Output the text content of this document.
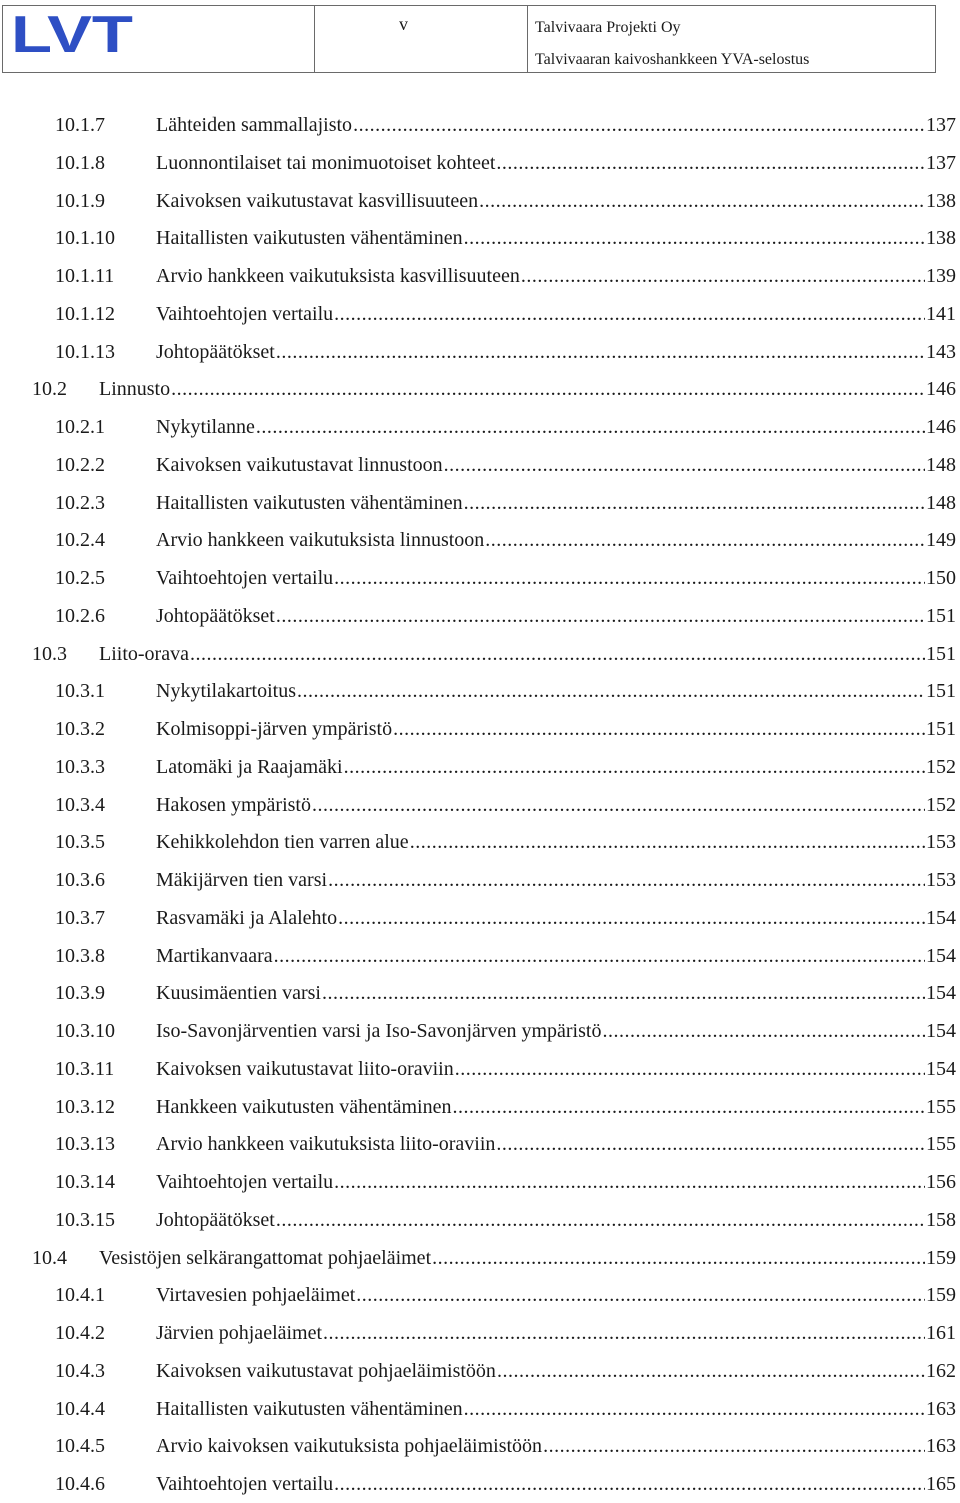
LVT	v	Talvivaara Projekti Oy
Talvivaaran kaivoshankkeen YVA-selostus
10.1.7	Lähteiden sammallajisto .....	137
10.1.8	Luonnontilaiset tai monimuotoiset kohteet .....	137
10.1.9	Kaivoksen vaikutustavat kasvillisuuteen .....	138
10.1.10 Haitallisten vaikutusten vähentäminen .....	138
10.1.11 Arvio hankkeen vaikutuksista kasvillisuuteen .....	139
10.1.12 Vaihtoehtojen vertailu .....	141
10.1.13 Johtopäätökset .....	143
10.2 Linnusto .....	146
10.2.1	Nykytilanne .....	146
10.2.2	Kaivoksen vaikutustavat linnustoon .....	148
10.2.3	Haitallisten vaikutusten vähentäminen .....	148
10.2.4	Arvio hankkeen vaikutuksista linnustoon .....	149
10.2.5	Vaihtoehtojen vertailu .....	150
10.2.6	Johtopäätökset .....	151
10.3 Liito-orava .....	151
10.3.1	Nykytilakartoitus .....	151
10.3.2	Kolmisoppi-järven ympäristö .....	151
10.3.3	Latomäki ja Raajamäki .....	152
10.3.4	Hakosen ympäristö .....	152
10.3.5	Kehikkolehdon tien varren alue .....	153
10.3.6	Mäkijärven tien varsi .....	153
10.3.7	Rasvamäki ja Alalehto .....	154
10.3.8	Martikanvaara .....	154
10.3.9	Kuusimäentien varsi .....	154
10.3.10 Iso-Savonjärventien varsi ja Iso-Savonjärven ympäristö .....	154
10.3.11 Kaivoksen vaikutustavat liito-oraviin .....	154
10.3.12 Hankkeen vaikutusten vähentäminen .....	155
10.3.13 Arvio hankkeen vaikutuksista liito-oraviin .....	155
10.3.14 Vaihtoehtojen vertailu .....	156
10.3.15 Johtopäätökset .....	158
10.4 Vesistöjen selkärangattomat pohjaeläimet .....	159
10.4.1	Virtavesien pohjaeläimet .....	159
10.4.2	Järvien pohjaeläimet .....	161
10.4.3	Kaivoksen vaikutustavat pohjaeläimistöön .....	162
10.4.4	Haitallisten vaikutusten vähentäminen .....	163
10.4.5	Arvio kaivoksen vaikutuksista pohjaeläimistöön .....	163
10.4.6	Vaihtoehtojen vertailu .....	165
